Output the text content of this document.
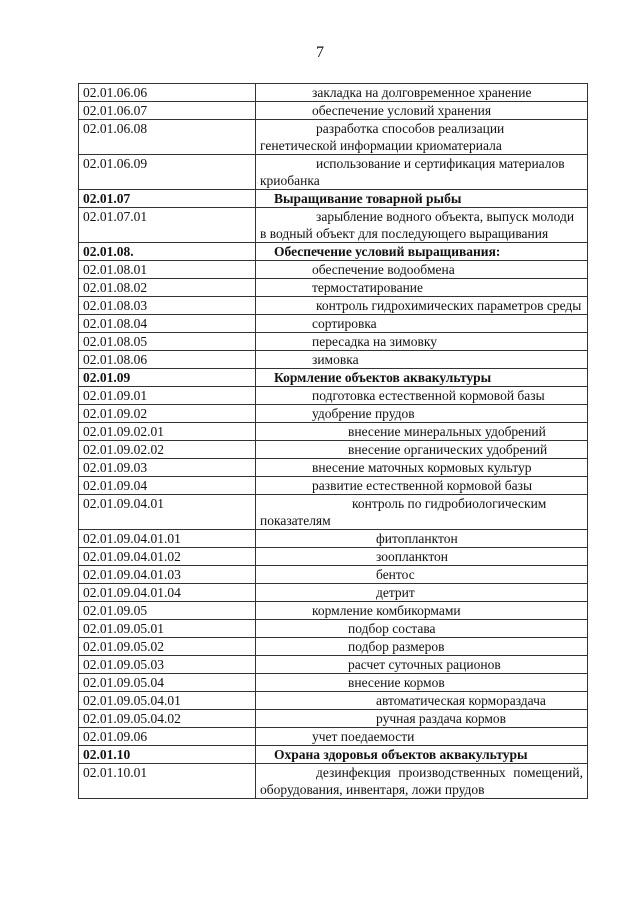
7
02.01.06.06	закладка на долговременное хранение
02.01.06.07	обеспечение условий хранения
02.01.06.08	разработка способов реализации генетической информации криоматериала
02.01.06.09	использование и сертификация материалов криобанка
02.01.07	Выращивание товарной рыбы
02.01.07.01	зарыбление водного объекта, выпуск молоди в водный объект для последующего выращивания
02.01.08.	Обеспечение условий выращивания:
02.01.08.01	обеспечение водообмена
02.01.08.02	термостатирование
02.01.08.03	контроль гидрохимических параметров среды
02.01.08.04	сортировка
02.01.08.05	пересадка на зимовку
02.01.08.06	зимовка
02.01.09	Кормление объектов аквакультуры
02.01.09.01	подготовка естественной кормовой базы
02.01.09.02	удобрение прудов
02.01.09.02.01	внесение минеральных удобрений
02.01.09.02.02	внесение органических удобрений
02.01.09.03	внесение маточных кормовых культур
02.01.09.04	развитие естественной кормовой базы
02.01.09.04.01	контроль по гидробиологическим показателям
02.01.09.04.01.01	фитопланктон
02.01.09.04.01.02	зоопланктон
02.01.09.04.01.03	бентос
02.01.09.04.01.04	детрит
02.01.09.05	кормление комбикормами
02.01.09.05.01	подбор состава
02.01.09.05.02	подбор размеров
02.01.09.05.03	расчет суточных рационов
02.01.09.05.04	внесение кормов
02.01.09.05.04.01	автоматическая кормораздача
02.01.09.05.04.02	ручная раздача кормов
02.01.09.06	учет поедаемости
02.01.10	Охрана здоровья объектов аквакультуры
02.01.10.01	дезинфекция производственных помещений, оборудования, инвентаря, ложи прудов
